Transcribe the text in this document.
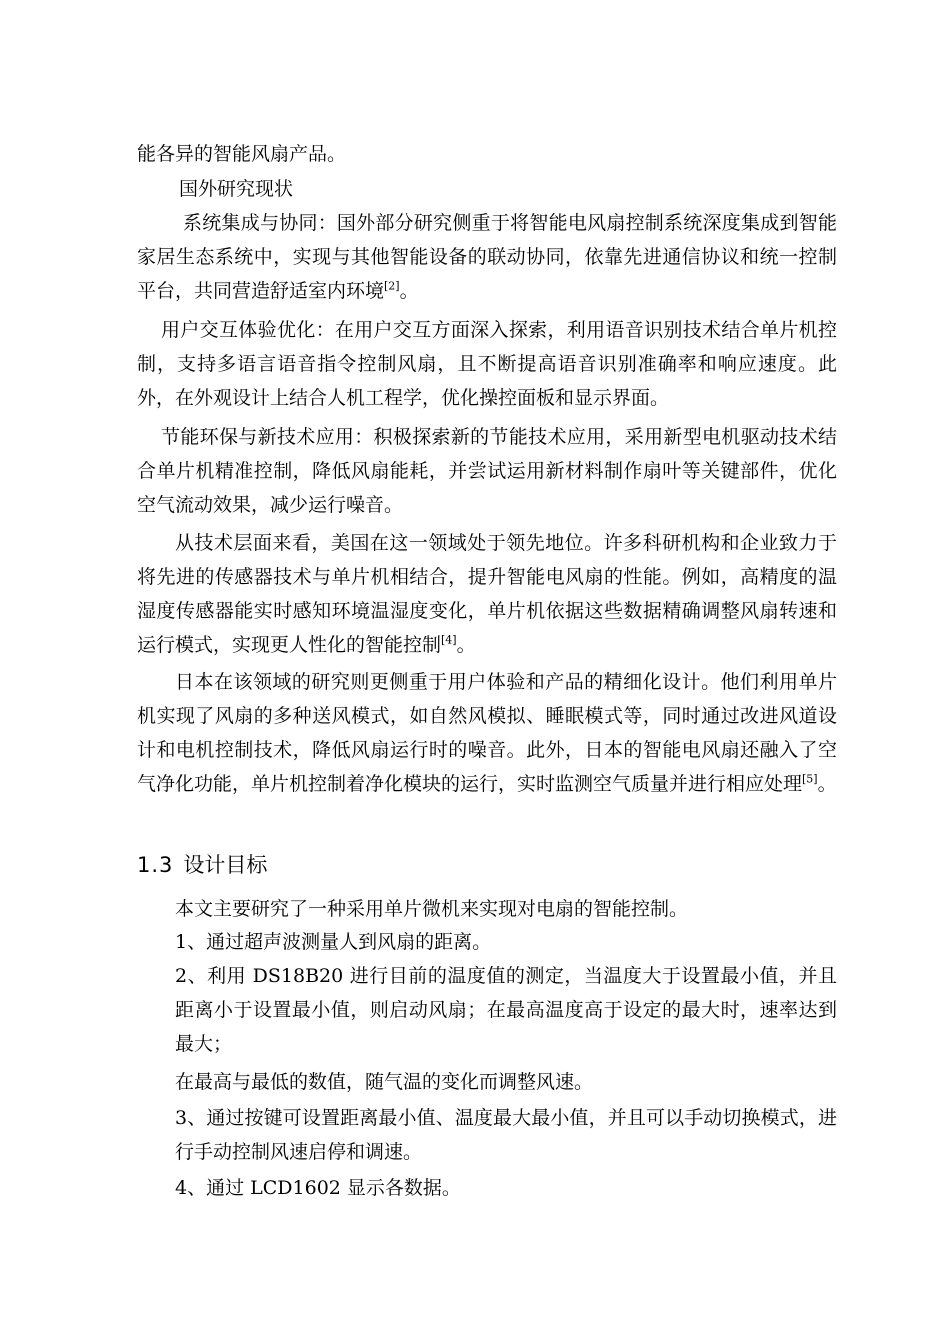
能各异的智能风扇产品。
国外研究现状
系统集成与协同：国外部分研究侧重于将智能电风扇控制系统深度集成到智能家居生态系统中，实现与其他智能设备的联动协同，依靠先进通信协议和统一控制平台，共同营造舒适室内环境[2]。
用户交互体验优化：在用户交互方面深入探索，利用语音识别技术结合单片机控制，支持多语言语音指令控制风扇，且不断提高语音识别准确率和响应速度。此外，在外观设计上结合人机工程学，优化操控面板和显示界面。
节能环保与新技术应用：积极探索新的节能技术应用，采用新型电机驱动技术结合单片机精准控制，降低风扇能耗，并尝试运用新材料制作扇叶等关键部件，优化空气流动效果，减少运行噪音。
从技术层面来看，美国在这一领域处于领先地位。许多科研机构和企业致力于将先进的传感器技术与单片机相结合，提升智能电风扇的性能。例如，高精度的温湿度传感器能实时感知环境温湿度变化，单片机依据这些数据精确调整风扇转速和运行模式，实现更人性化的智能控制[4]。
日本在该领域的研究则更侧重于用户体验和产品的精细化设计。他们利用单片机实现了风扇的多种送风模式，如自然风模拟、睡眠模式等，同时通过改进风道设计和电机控制技术，降低风扇运行时的噪音。此外，日本的智能电风扇还融入了空气净化功能，单片机控制着净化模块的运行，实时监测空气质量并进行相应处理[5]。
1.3 设计目标
本文主要研究了一种采用单片微机来实现对电扇的智能控制。
1、通过超声波测量人到风扇的距离。
2、利用 DS18B20 进行目前的温度值的测定，当温度大于设置最小值，并且距离小于设置最小值，则启动风扇；在最高温度高于设定的最大时，速率达到最大；
在最高与最低的数值，随气温的变化而调整风速。
3、通过按键可设置距离最小值、温度最大最小值，并且可以手动切换模式，进行手动控制风速启停和调速。
4、通过 LCD1602 显示各数据。
